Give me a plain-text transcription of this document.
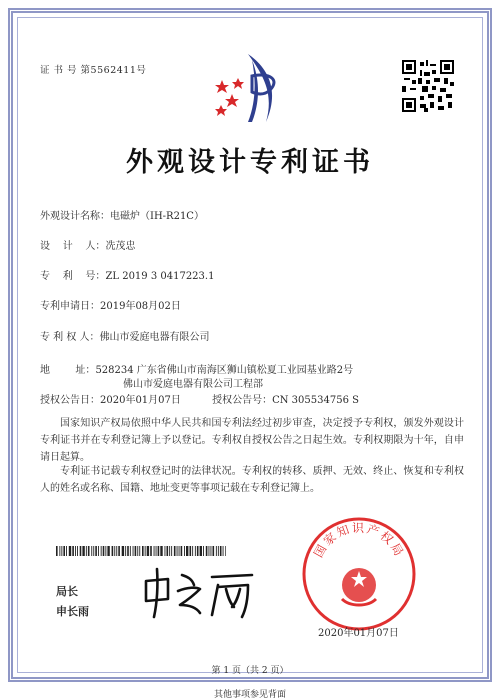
证 书 号 第5562411号
外观设计专利证书
外观设计名称：电磁炉（IH-R21C）
设    计    人：冼茂忠
专    利    号：ZL 2019 3 0417223.1
专利申请日：2019年08月02日
专 利 权 人：佛山市爱庭电器有限公司
地        址：528234 广东省佛山市南海区狮山镇松夏工业园基业路2号
佛山市爱庭电器有限公司工程部
授权公告日：2020年01月07日	授权公告号：CN 305534756 S
国家知识产权局依照中华人民共和国专利法经过初步审查，决定授予专利权，颁发外观设计专利证书并在专利登记簿上予以登记。专利权自授权公告之日起生效。专利权期限为十年，自申请日起算。
专利证书记载专利权登记时的法律状况。专利权的转移、质押、无效、终止、恢复和专利权人的姓名或名称、国籍、地址变更等事项记载在专利登记簿上。
局长
申长雨
国家知识产权局
2020年01月07日
第 1 页（共 2 页）
其他事项参见背面
